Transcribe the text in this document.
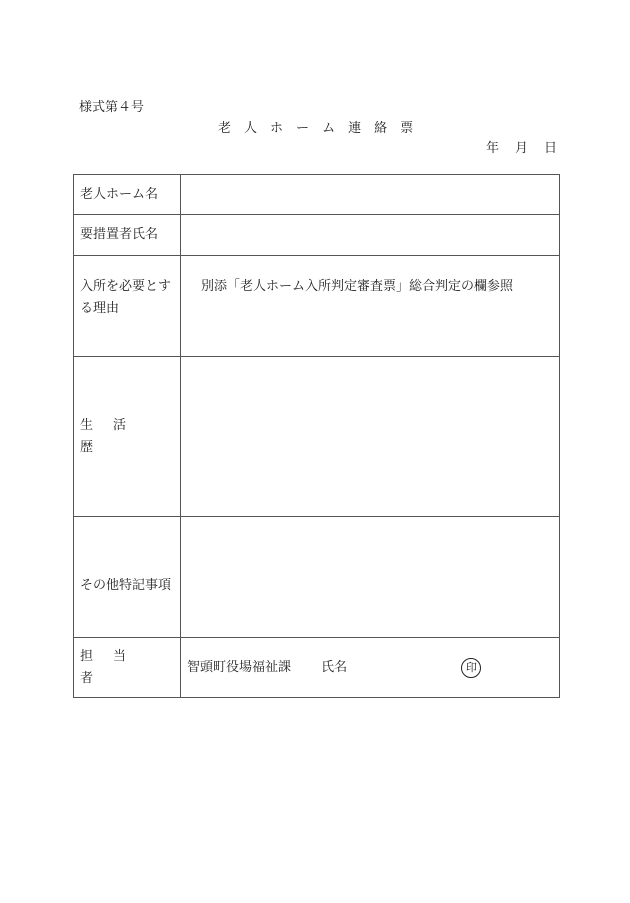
様式第４号
老 人 ホ ー ム 連 絡 票
年 月 日
老人ホーム名	
要措置者氏名	

入所を必要とす
る理由	別添「老人ホーム入所判定審査票」総合判定の欄参照
生 活歴	
その他特記事項	
担 当者	智頭町役場福祉課 氏名 印
